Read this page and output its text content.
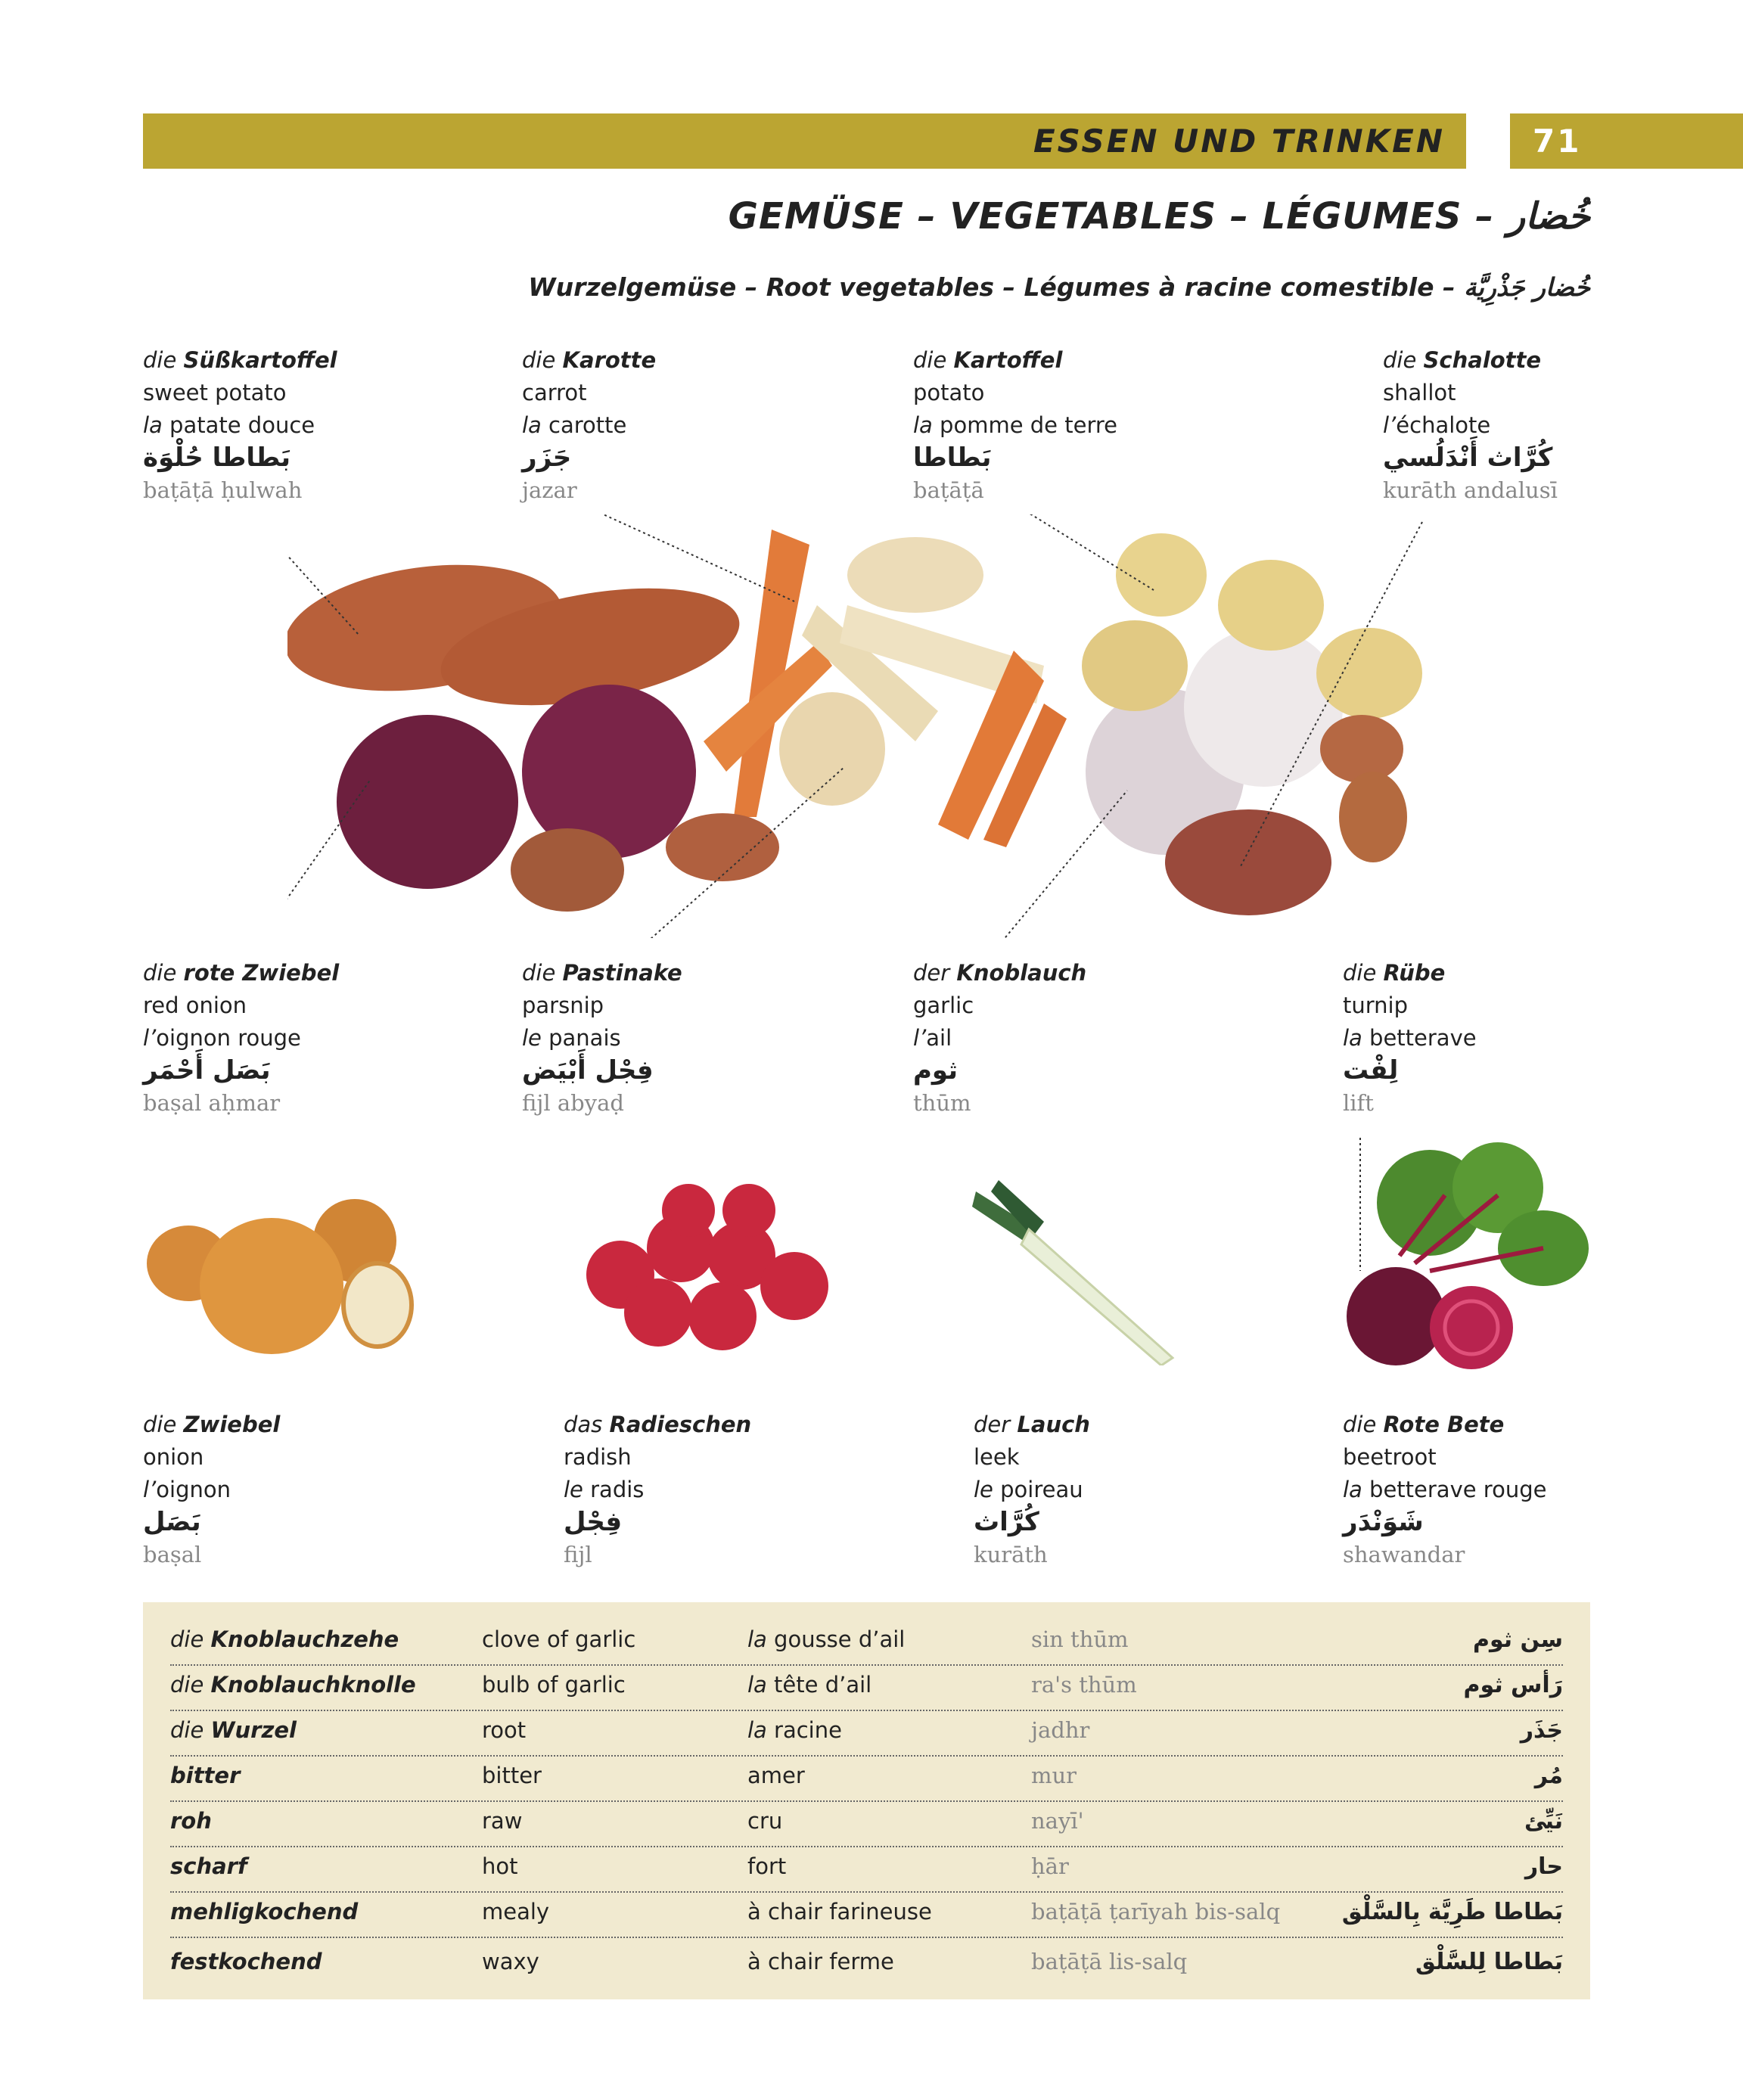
ESSEN UND TRINKEN	71
GEMÜSE – VEGETABLES – LÉGUMES – خُضار
Wurzelgemüse – Root vegetables – Légumes à racine comestible – خُضار جَذْرِيَّة
die Süßkartoffel
sweet potato
la patate douce
بَطاطا حُلْوَة
baṭāṭā ḥulwah
die Karotte
carrot
la carotte
جَزَر
jazar
die Kartoffel
potato
la pomme de terre
بَطاطا
baṭāṭā
die Schalotte
shallot
l’échalote
كُرَّاث أَنْدَلُسي
kurāth andalusī
die rote Zwiebel
red onion
l’oignon rouge
بَصَل أَحْمَر
baṣal aḥmar
die Pastinake
parsnip
le panais
فِجْل أَبْيَض
fijl abyaḍ
der Knoblauch
garlic
l’ail
ثوم
thūm
die Rübe
turnip
la betterave
لِفْت
lift
die Zwiebel
onion
l’oignon
بَصَل
baṣal
das Radieschen
radish
le radis
فِجْل
fijl
der Lauch
leek
le poireau
كُرَّاث
kurāth
die Rote Bete
beetroot
la betterave rouge
شَوَنْدَر
shawandar
die Knoblauchzehe	clove of garlic	la gousse d’ail	sin thūm	سِن ثوم
die Knoblauchknolle	bulb of garlic	la tête d’ail	ra's thūm	رَأس ثوم
die Wurzel	root	la racine	jadhr	جَذَر
bitter	bitter	amer	mur	مُر
roh	raw	cru	nayī'	نَيِّئ
scharf	hot	fort	ḥār	حار
mehligkochend	mealy	à chair farineuse	baṭāṭā ṭarīyah bis-salq	بَطاطا طَرِيَّة بِالسَّلْق
festkochend	waxy	à chair ferme	baṭāṭā lis-salq	بَطاطا لِلسَّلْق
